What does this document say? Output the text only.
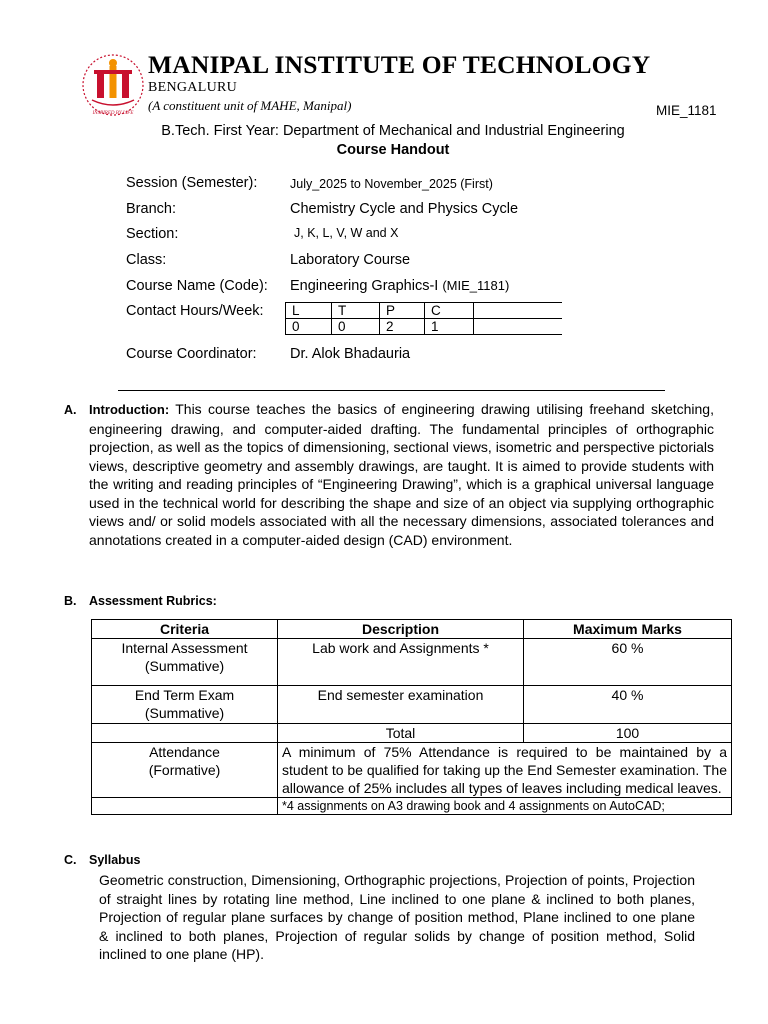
INSPIRED BY LIFE
MANIPAL INSTITUTE OF TECHNOLOGY
BENGALURU
(A constituent unit of MAHE, Manipal)	MIE_1181
B.Tech. First Year: Department of Mechanical and Industrial Engineering
Course Handout
Session (Semester):	July_2025 to November_2025 (First)
Branch:	Chemistry Cycle and Physics Cycle
Section:	J, K, L, V, W and X
Class:	Laboratory Course
Course Name (Code): Engineering Graphics-I (MIE_1181)
Contact Hours/Week: L	T	P	C	
0	0	2	1	
Course Coordinator: Dr. Alok Bhadauria
A. Introduction: This course teaches the basics of engineering drawing utilising freehand sketching, engineering drawing, and computer-aided drafting. The fundamental principles of orthographic projection, as well as the topics of dimensioning, sectional views, isometric and perspective pictorials views, descriptive geometry and assembly drawings, are taught. It is aimed to provide students with the writing and reading principles of “Engineering Drawing”, which is a graphical universal language used in the technical world for describing the shape and size of an object via supplying orthographic views and/ or solid models associated with all the necessary dimensions, associated tolerances and annotations created in a computer-aided design (CAD) environment.
B. Assessment Rubrics:
Criteria	Description	Maximum Marks

Internal Assessment
(Summative)	Lab work and Assignments *	60 %

End Term Exam
(Summative)	End semester examination	40 %
	Total	100

Attendance
(Formative)	A minimum of 75% Attendance is required to be maintained by a student to be qualified for taking up the End Semester examination. The allowance of 25% includes all types of leaves including medical leaves.	
	*4 assignments on A3 drawing book and 4 assignments on AutoCAD;	
C. Syllabus
Geometric construction, Dimensioning, Orthographic projections, Projection of points, Projection of straight lines by rotating line method, Line inclined to one plane & inclined to both planes, Projection of regular plane surfaces by change of position method, Plane inclined to one plane & inclined to both planes, Projection of regular solids by change of position method, Solid inclined to one plane (HP).
